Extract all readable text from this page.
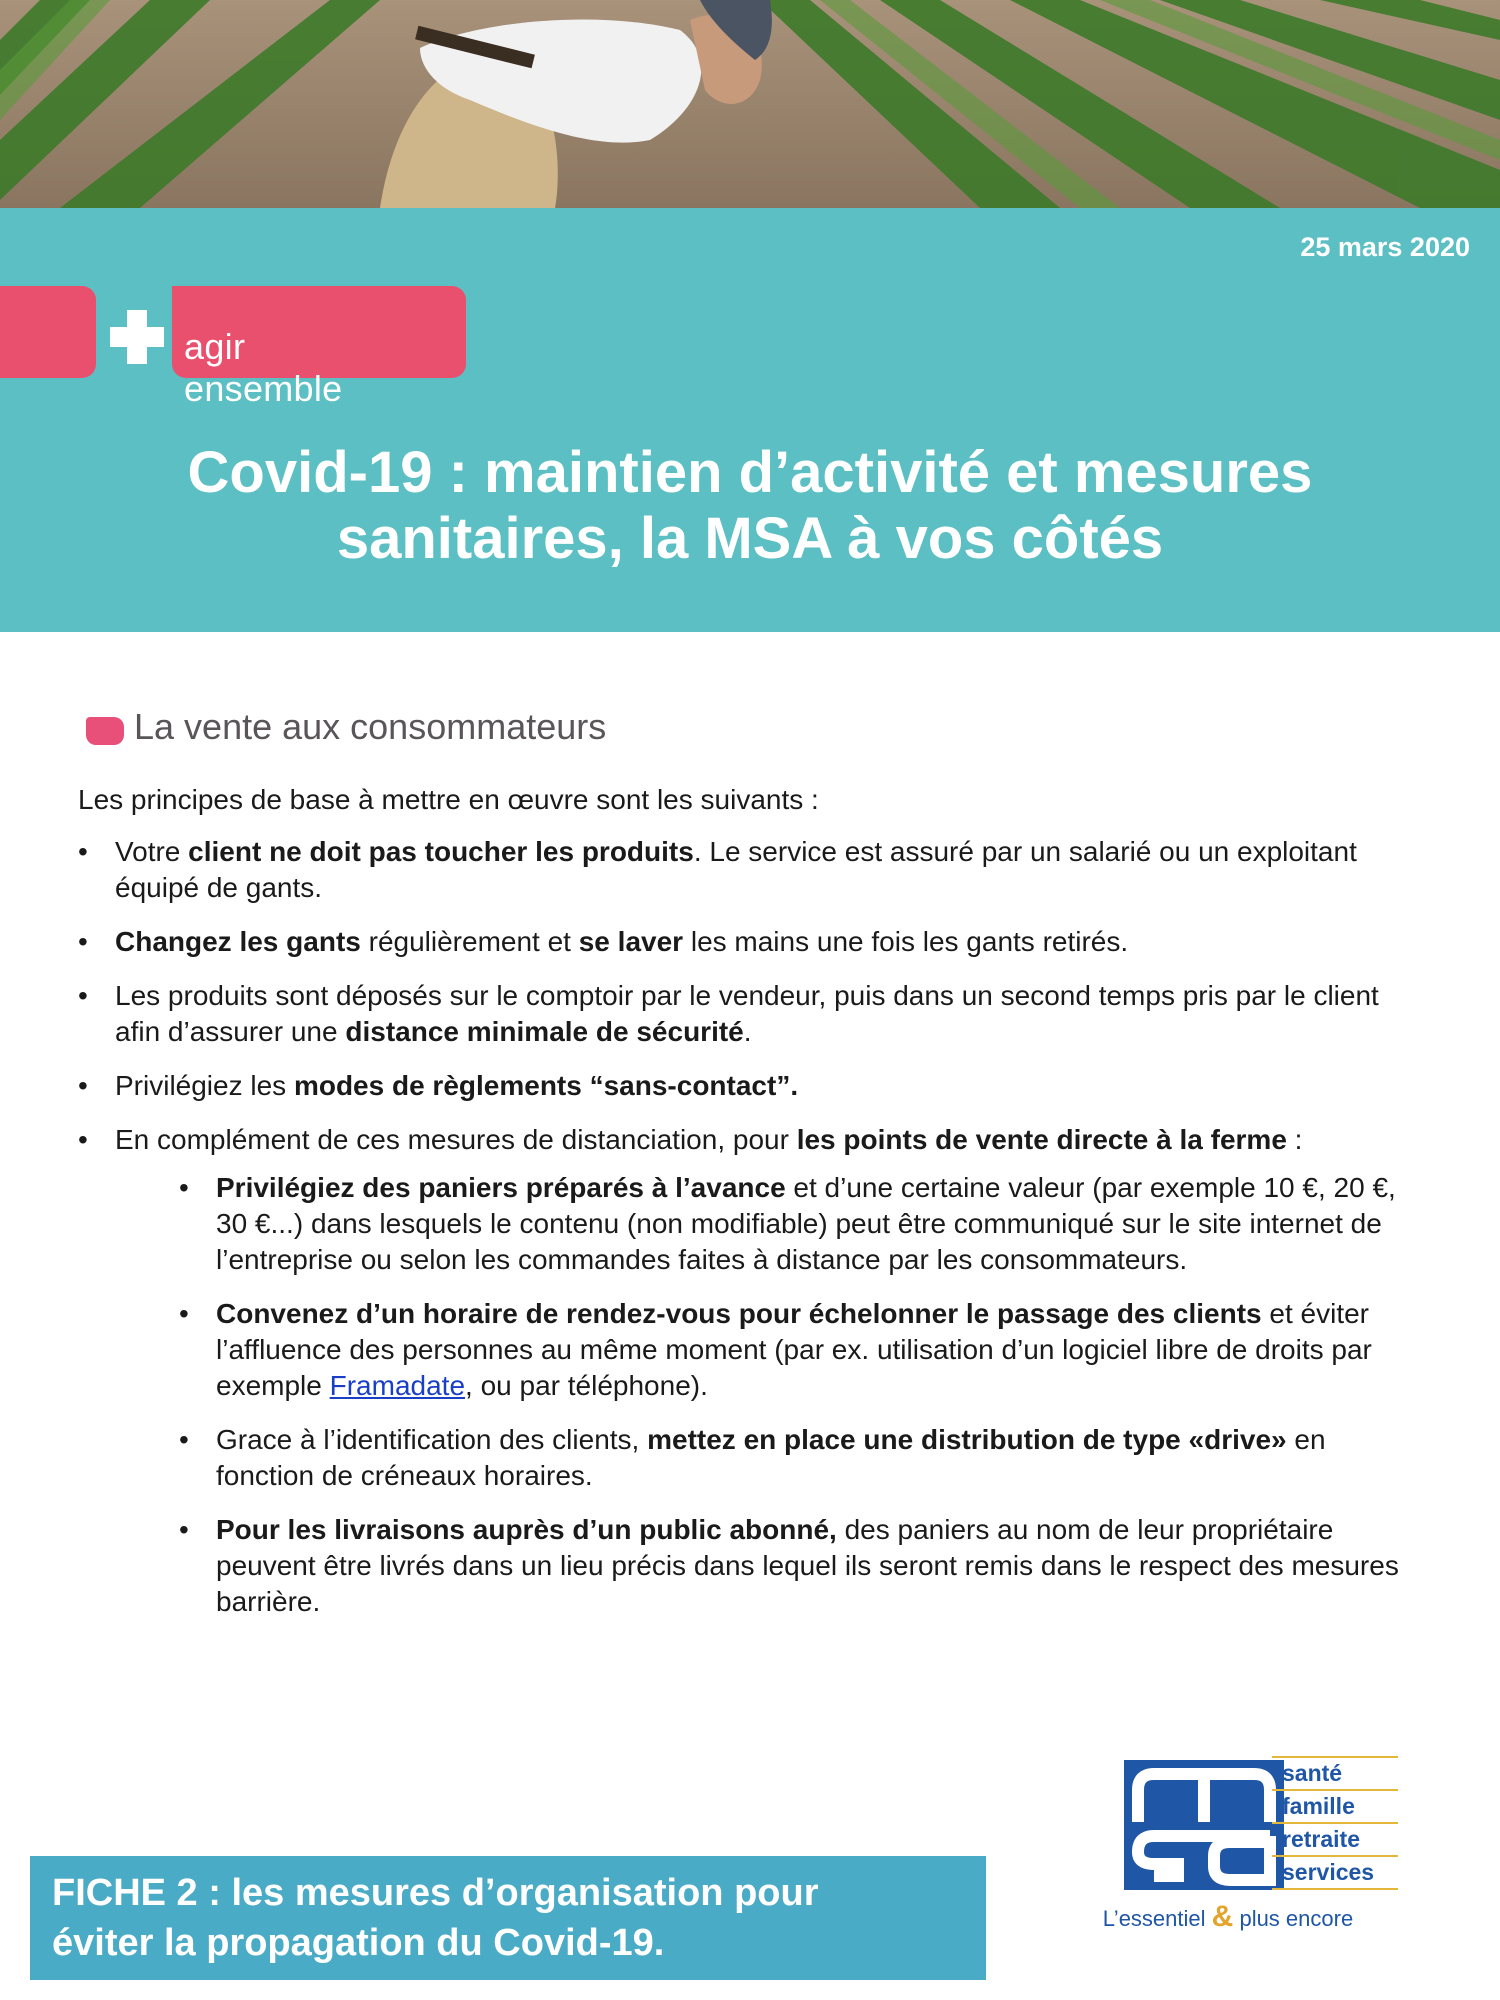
25 mars 2020
agir ensemble
Covid-19 : maintien d’activité et mesures
sanitaires, la MSA à vos côtés
La vente aux consommateurs

Les principes de base à mettre en œuvre sont les suivants :

• Votre client ne doit pas toucher les produits. Le service est assuré par un salarié ou un exploitant équipé de gants.
• Changez les gants régulièrement et se laver les mains une fois les gants retirés.
• Les produits sont déposés sur le comptoir par le vendeur, puis dans un second temps pris par le client afin d’assurer une distance minimale de sécurité.
• Privilégiez les modes de règlements “sans-contact”.
• En complément de ces mesures de distanciation, pour les points de vente directe à la ferme :
• Privilégiez des paniers préparés à l’avance et d’une certaine valeur (par exemple 10 €, 20 €, 30 €...) dans lesquels le contenu (non modifiable) peut être communiqué sur le site internet de l’entreprise ou selon les commandes faites à distance par les consommateurs.
• Convenez d’un horaire de rendez-vous pour échelonner le passage des clients et éviter l’affluence des personnes au même moment (par ex. utilisation d’un logiciel libre de droits par exemple Framadate, ou par téléphone).
• Grace à l’identification des clients, mettez en place une distribution de type «drive» en fonction de créneaux horaires.
• Pour les livraisons auprès d’un public abonné, des paniers au nom de leur propriétaire peuvent être livrés dans un lieu précis dans lequel ils seront remis dans le respect des mesures barrière.
FICHE 2 : les mesures d’organisation pour
éviter la propagation du Covid-19.
santé
famille
retraite
services
L’essentiel & plus encore
